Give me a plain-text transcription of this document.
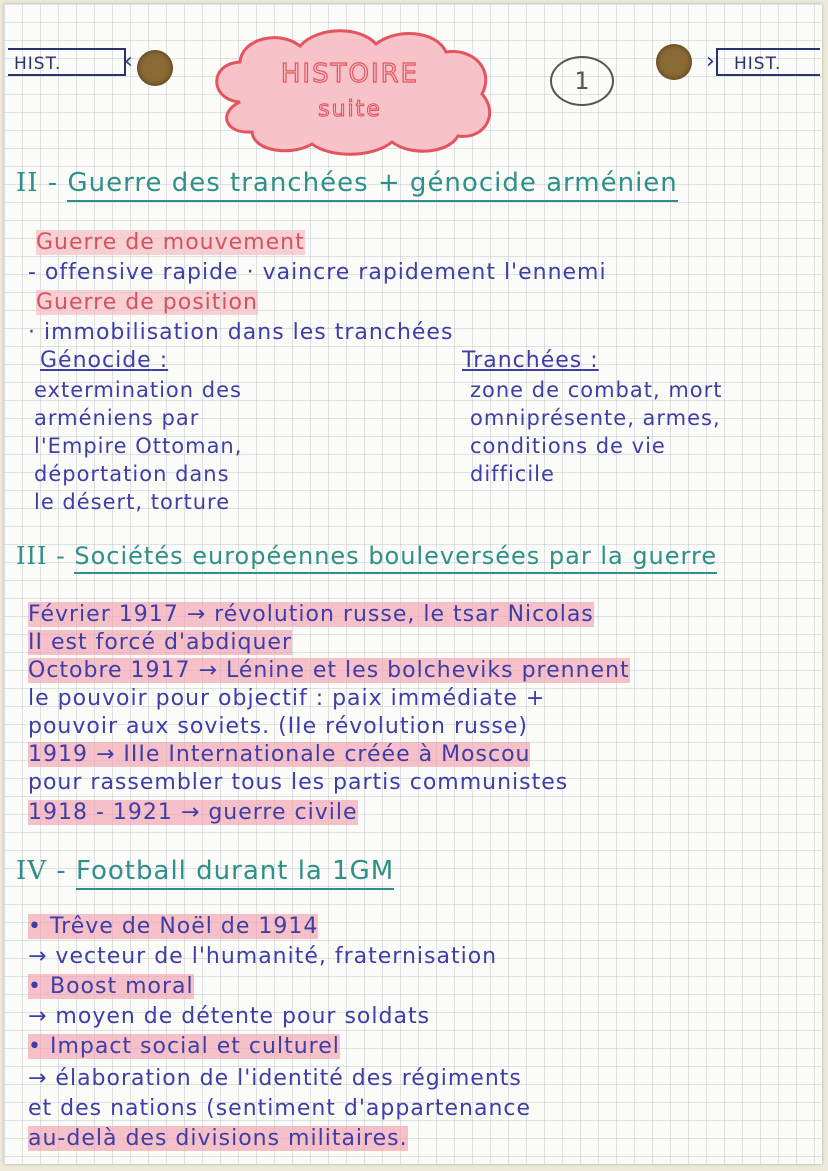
HIST.	‹	HISTOIRE
suite
1
›	HIST.
II - Guerre des tranchées + génocide arménien
Guerre de mouvement
- offensive rapide · vaincre rapidement l'ennemi
Guerre de position
· immobilisation dans les tranchées
Génocide :
extermination des
arméniens par
l'Empire Ottoman,
déportation dans
le désert, torture
Tranchées :
zone de combat, mort
omniprésente, armes,
conditions de vie
difficile
III - Sociétés européennes bouleversées par la guerre
Février 1917 → révolution russe, le tsar Nicolas
II est forcé d'abdiquer
Octobre 1917 → Lénine et les bolcheviks prennent
le pouvoir pour objectif : paix immédiate +
pouvoir aux soviets. (IIe révolution russe)
1919 → IIIe Internationale créée à Moscou
pour rassembler tous les partis communistes
1918 - 1921 → guerre civile
IV - Football durant la 1GM
• Trêve de Noël de 1914
→ vecteur de l'humanité, fraternisation
• Boost moral
→ moyen de détente pour soldats
• Impact social et culturel
→ élaboration de l'identité des régiments
et des nations (sentiment d'appartenance
au-delà des divisions militaires.
